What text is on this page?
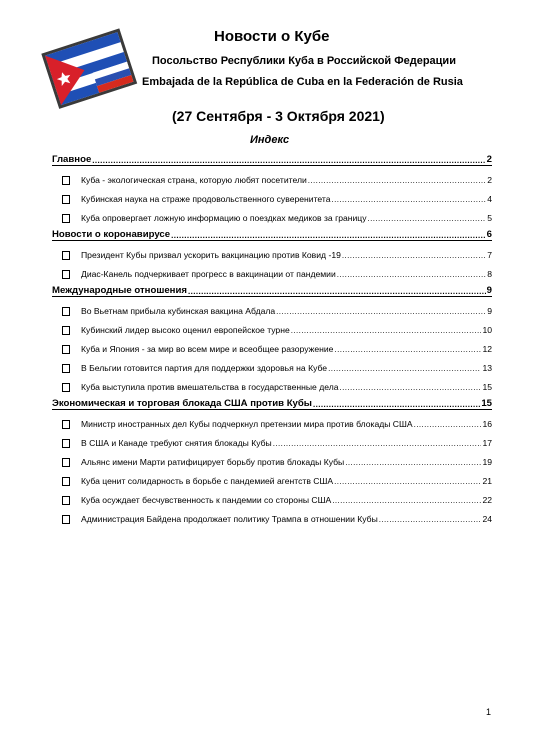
Новости о Кубе
Посольство Республики Куба в Российской Федерации
Embajada de la República de Cuba en la Federación de Rusia
(27 Сентября - 3 Октября 2021)
Индекс
Главное .....	2
Куба - экологическая страна, которую любят посетители .....	2
Кубинская наука на страже продовольственного суверенитета .....	4
Куба опровергает ложную информацию о поездках медиков за границу .....	5
Новости о коронавирусе .....	6
Президент Кубы призвал ускорить вакцинацию против Ковид -19 .....	7
Диас-Канель подчеркивает прогресс в вакцинации от пандемии .....	8
Международные отношения .....	9
Во Вьетнам прибыла кубинская вакцина Абдала .....	9
Кубинский лидер высоко оценил европейское турне .....	10
Куба и Япония - за мир во всем мире и всеобщее разоружение .....	12
В Бельгии готовится партия для поддержки здоровья на Кубе .....	13
Куба выступила против вмешательства в государственные дела .....	15
Экономическая и торговая блокада США против Кубы .....	15
Министр иностранных дел Кубы подчеркнул претензии мира против блокады США .....	16
В США и Канаде требуют снятия блокады Кубы .....	17
Альянс имени Марти ратифицирует борьбу против блокады Кубы .....	19
Куба ценит солидарность в борьбе с пандемией агентств США .....	21
Куба осуждает бесчувственность к пандемии со стороны США .....	22
Администрация Байдена продолжает политику Трампа в отношении Кубы .....	24
1
